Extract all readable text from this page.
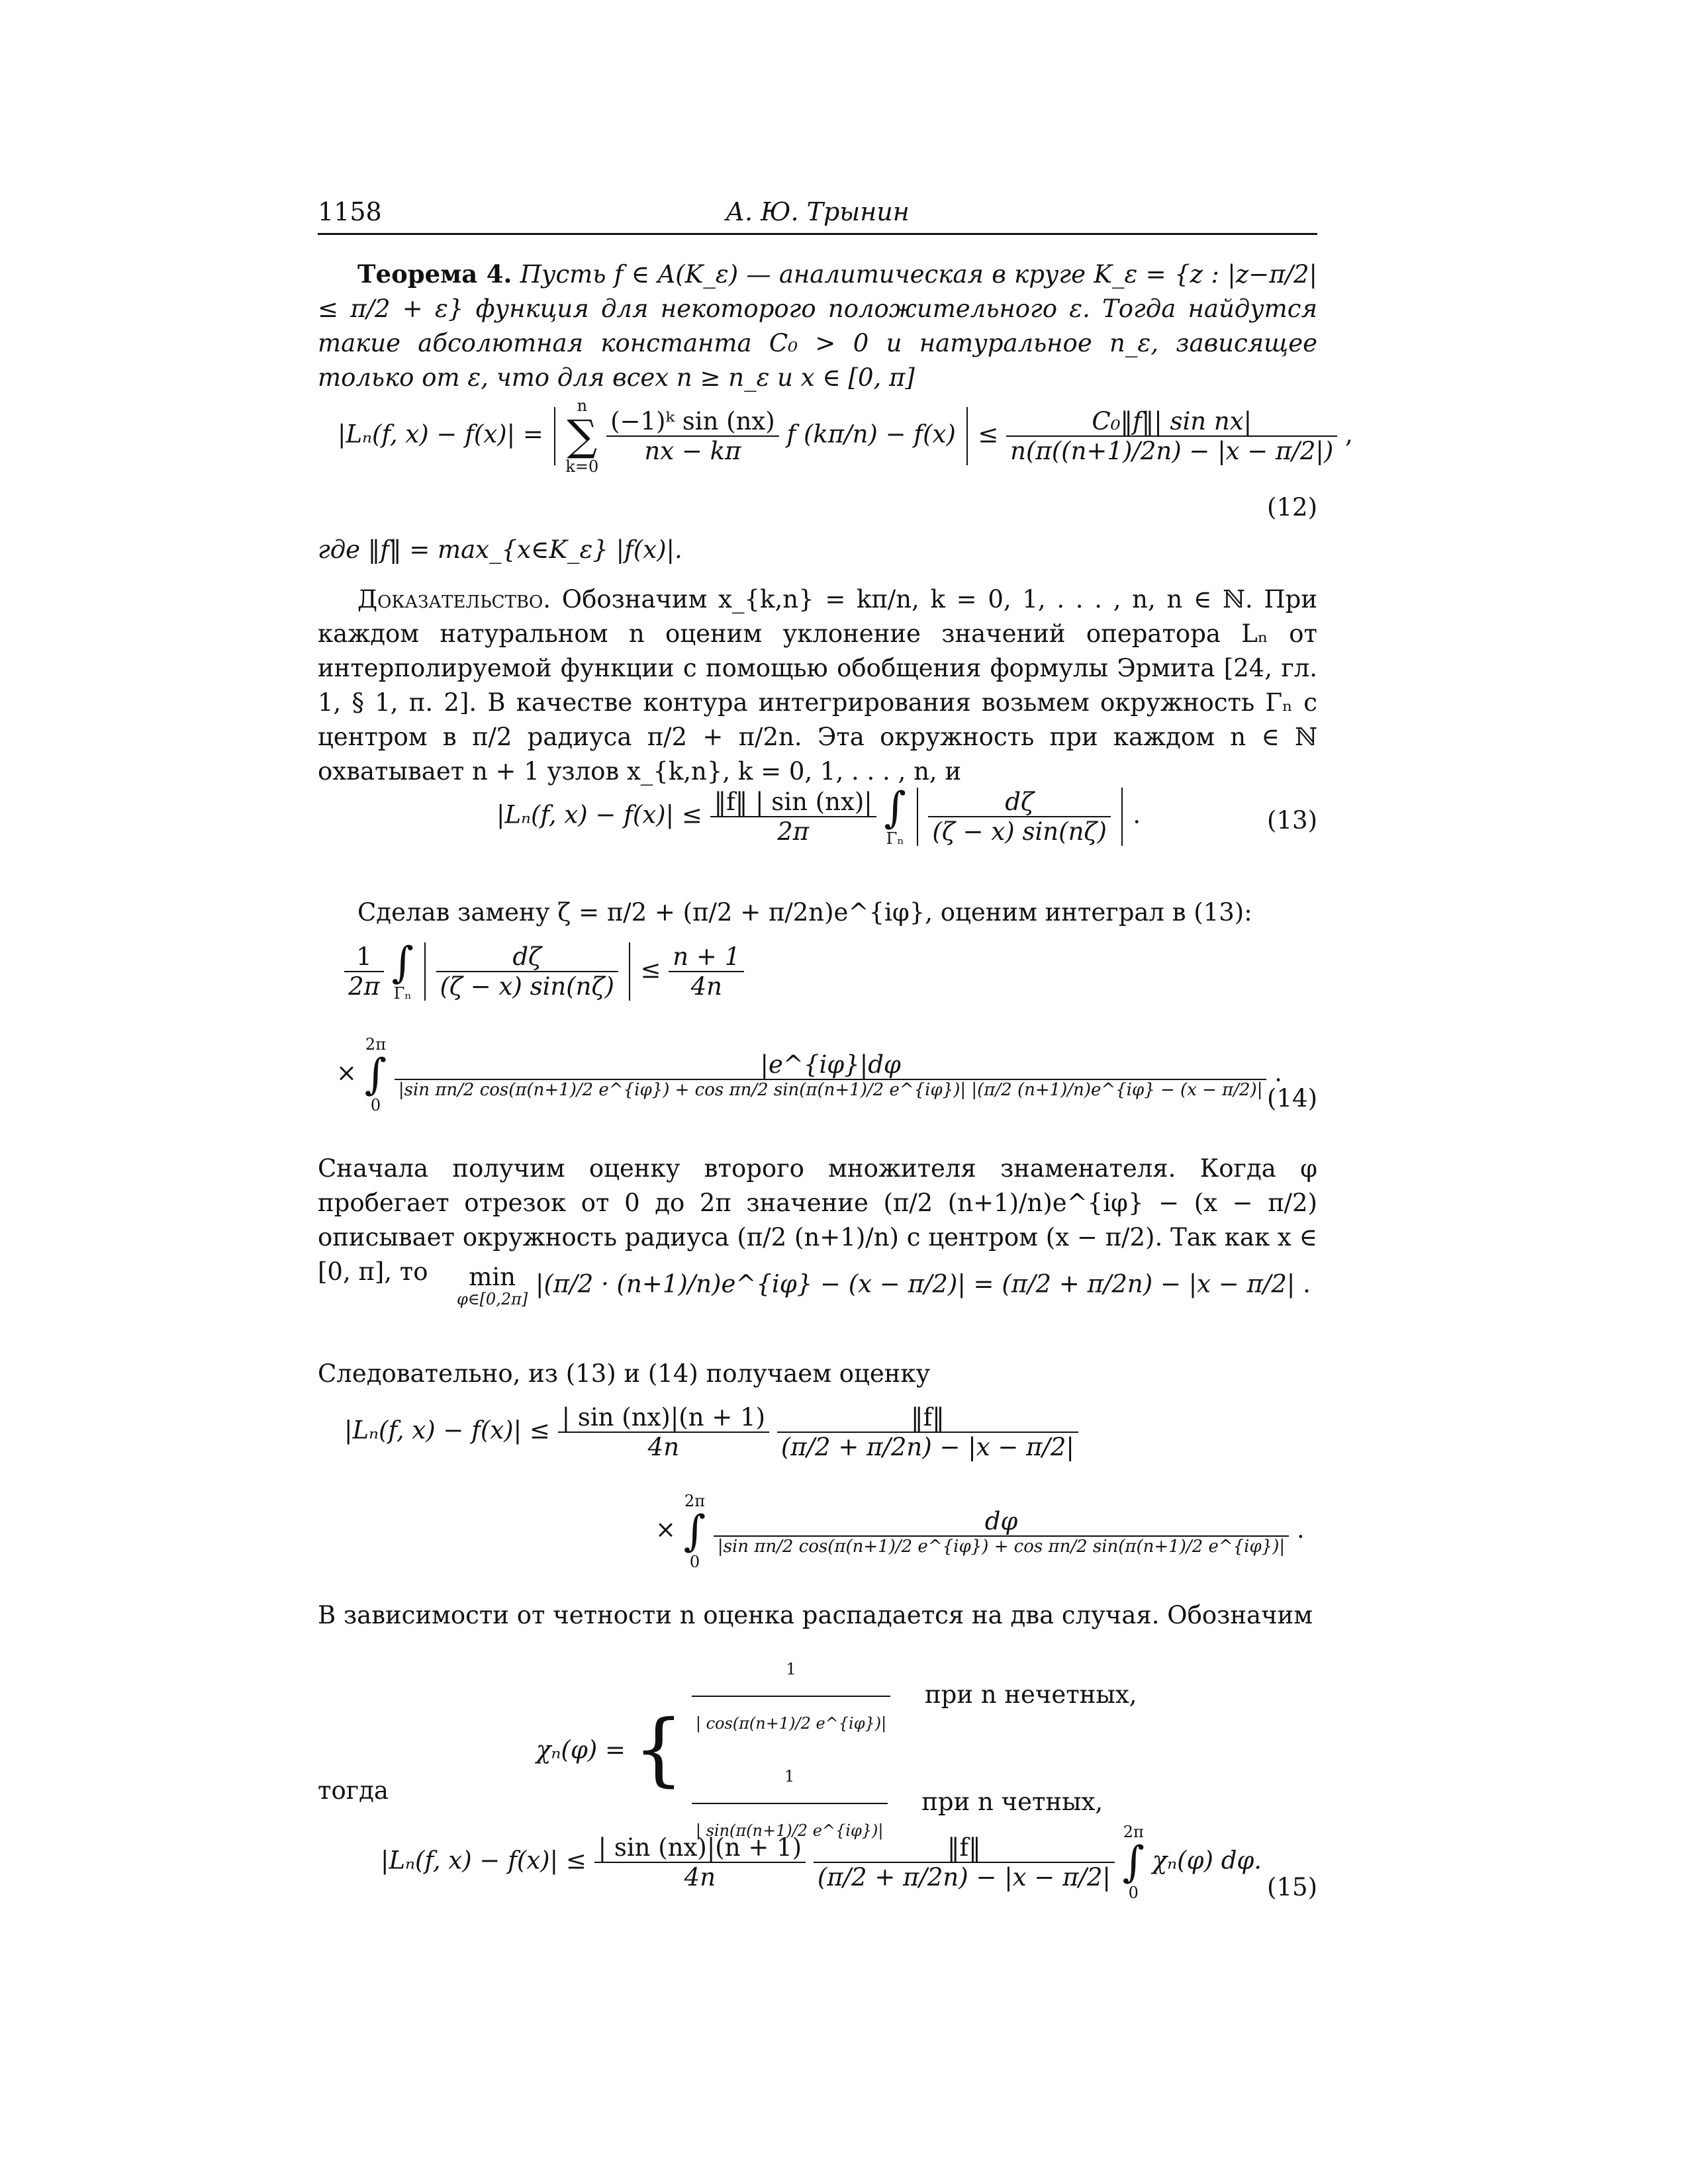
1158	А. Ю. Трынин
Теорема 4. Пусть f ∈ A(K_ε) — аналитическая в круге K_ε = {z : |z−π/2| ≤ π/2 + ε} функция для некоторого положительного ε. Тогда найдутся такие абсолютная константа C₀ > 0 и натуральное n_ε, зависящее только от ε, что для всех n ≥ n_ε и x ∈ [0, π]
|Lₙ(f, x) − f(x)| =
n
∑
k=0

$\frac{\text{(−1)ᵏ sin (nx)}}{nx - k\pi}$ f $(k\pi/n) - f(x) \le \frac{\text{C₀‖f‖| sin nx|}}{n(\pi((n+1)/2n) - |x - \pi/2|)}$ ,
(12)
где ‖f‖ = max_{x∈K_ε} |f(x)|.
Доказательство. Обозначим x_{k,n} = kπ/n, k = 0, 1, . . . , n, n ∈ ℕ. При каждом натуральном n оценим уклонение значений оператора Lₙ от интерполируемой функции с помощью обобщения формулы Эрмита [24, гл. 1, § 1, п. 2]. В качестве контура интегрирования возьмем окружность Γₙ с центром в π/2 радиуса π/2 + π/2n. Эта окружность при каждом n ∈ ℕ охватывает n + 1 узлов x_{k,n}, k = 0, 1, . . . , n, и
|Lₙ(f, $x) - f(x)| \le \frac{‖f‖ | \sin (nx)|}{2\pi}$
∫
Γₙ
$\frac{d\zeta}{(\zeta - x) \sin(n\zeta)}$ .	(13)
Сделав замену ζ = π/2 + (π/2 + π/2n)e^{iφ}, оценим интеграл в (13):
$\frac{1}{2\pi}$
∫
Γₙ
$\frac{d\zeta}{(\zeta - x) \sin(n\zeta)} \le \frac{n + 1}{4n}$
×
2π
∫
0

|e^{iφ}|dφ
|sin πn/2 cos(π(n+1)/2 e^{iφ}) + cos πn/2 sin(π(n+1)/2 e^{iφ})| |(π/2 (n+1)/n)e^{iφ} − (x − π/2)|
.
(14)
Сначала получим оценку второго множителя знаменателя. Когда φ пробегает отрезок от 0 до 2π значение (π/2 (n+1)/n)e^{iφ} − (x − π/2) описывает окружность радиуса (π/2 (n+1)/n) с центром (x − π/2). Так как x ∈ [0, π], то	min
φ∈[0,2π]
|(π/2 · (n+1)/n)e^{iφ} − (x − π/2)| = (π/2 + π/2n) − |x − π/2| .
Следовательно, из (13) и (14) получаем оценку
|Lₙ(f, $x) - f(x)| \le \frac{| \sin (nx)|(n + 1)}{4n}$
$\frac{‖f‖}{(\pi/2 + \pi/2n) - |x - \pi/2|}$
×
2π
∫
0

dφ
|sin πn/2 cos(π(n+1)/2 e^{iφ}) + cos πn/2 sin(π(n+1)/2 e^{iφ})|
.
В зависимости от четности n оценка распадается на два случая. Обозначим
χₙ(φ) = { $\frac{1}{| \cos(\pi(n+1)/2 e\^{}\{i\varphi\})|}$ при n нечетных,
$\frac{1}{| \sin(\pi(n+1)/2 e\^{}\{i\varphi\})|}$ при n четных,
тогда
|Lₙ(f, $x) - f(x)| \le \frac{| \sin (nx)|(n + 1)}{4n}$
$\frac{‖f‖}{(\pi/2 + \pi/2n) - |x - \pi/2|}$

2π
∫
0
χₙ(φ) dφ.
(15)
